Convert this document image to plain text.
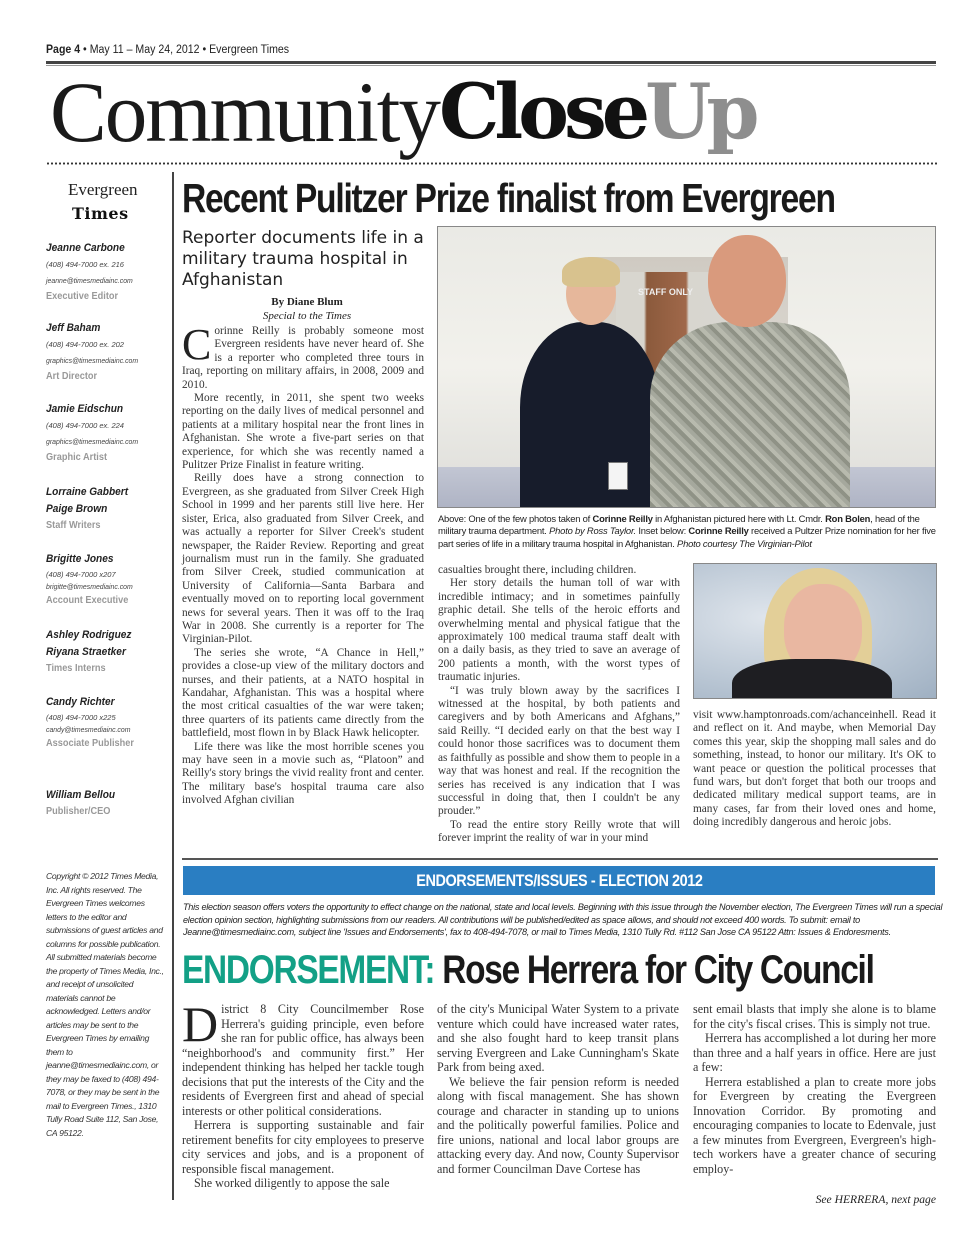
Page 4 • May 11 – May 24, 2012 • Evergreen Times
CommunityCloseUp
Evergreen
Times
Jeanne Carbone
(408) 494-7000 ex. 216
jeanne@timesmediainc.com
Executive Editor
Jeff Baham
(408) 494-7000 ex. 202
graphics@timesmediainc.com
Art Director
Jamie Eidschun
(408) 494-7000 ex. 224
graphics@timesmediainc.com
Graphic Artist
Lorraine Gabbert
Paige Brown
Staff Writers
Brigitte Jones
(408) 494-7000 x207
brigitte@timesmediainc.com
Account Executive
Ashley Rodriguez
Riyana Straetker
Times Interns
Candy Richter
(408) 494-7000 x225
candy@timesmediainc.com
Associate Publisher
William Bellou
Publisher/CEO
Copyright © 2012 Times Media, Inc. All rights reserved. The Evergreen Times welcomes letters to the editor and submissions of guest articles and columns for possible publication. All submitted materials become the property of Times Media, Inc., and receipt of unsolicited materials cannot be acknowledged. Letters and/or articles may be sent to the Evergreen Times by emailing them to jeanne@timesmediainc.com, or they may be faxed to (408) 494-7078, or they may be sent in the mail to Evergreen Times., 1310 Tully Road Suite 112, San Jose, CA 95122.
Recent Pulitzer Prize finalist from Evergreen
Reporter documents life in a military trauma hospital in Afghanistan
By Diane Blum
Special to the Times

Corinne Reilly is probably someone most Evergreen residents have never heard of. She is a reporter who completed three tours in Iraq, reporting on military affairs, in 2008, 2009 and 2010.

More recently, in 2011, she spent two weeks reporting on the daily lives of medical personnel and patients at a military hospital near the front lines in Afghanistan. She wrote a five-part series on that experience, for which she was recently named a Pulitzer Prize Finalist in feature writing.

Reilly does have a strong connection to Evergreen, as she graduated from Silver Creek High School in 1999 and her parents still live here. Her sister, Erica, also graduated from Silver Creek, and was actually a reporter for Silver Creek's student newspaper, the Raider Review. Reporting and great journalism must run in the family. She graduated from Silver Creek, studied communication at University of California—Santa Barbara and eventually moved on to reporting local government news for several years. Then it was off to the Iraq War in 2008. She currently is a reporter for The Virginian-Pilot.

The series she wrote, “A Chance in Hell,” provides a close-up view of the military doctors and nurses, and their patients, at a NATO hospital in Kandahar, Afghanistan. This was a hospital where the most critical casualties of the war were taken; three quarters of its patients came directly from the battlefield, most flown in by Black Hawk helicopter.

Life there was like the most horrible scenes you may have seen in a movie such as, “Platoon” and Reilly's story brings the vivid reality front and center. The military base's hospital trauma care also involved Afghan civilian

STAFF ONLY
Above: One of the few photos taken of Corinne Reilly in Afghanistan pictured here with Lt. Cmdr. Ron Bolen, head of the military trauma department. Photo by Ross Taylor. Inset below: Corinne Reilly received a Pultzer Prize nomination for her five part series of life in a military trauma hospital in Afghanistan. Photo courtesy The Virginian-Pilot

casualties brought there, including children.

Her story details the human toll of war with incredible intimacy; and in sometimes painfully graphic detail. She tells of the heroic efforts and overwhelming mental and physical fatigue that the approximately 100 medical trauma staff dealt with on a daily basis, as they tried to save an average of 200 patients a month, with the worst types of traumatic injuries.

“I was truly blown away by the sacrifices I witnessed at the hospital, by both patients and caregivers and by both Americans and Afghans,” said Reilly. “I decided early on that the best way I could honor those sacrifices was to document them as faithfully as possible and show them to people in a way that was honest and real. If the recognition the series has received is any indication that I was successful in doing that, then I couldn't be any prouder.”

To read the entire story Reilly wrote that will forever imprint the reality of war in your mind

visit www.hamptonroads.com/achanceinhell. Read it and reflect on it. And maybe, when Memorial Day comes this year, skip the shopping mall sales and do something, instead, to honor our military. It's OK to want peace or question the political processes that fund wars, but don't forget that both our troops and dedicated military medical support teams, are in many cases, far from their loved ones and home, doing incredibly dangerous and heroic jobs.

ENDORSEMENTS/ISSUES - ELECTION 2012
This election season offers voters the opportunity to effect change on the national, state and local levels. Beginning with this issue through the November election, The Evergreen Times will run a special election opinion section, highlighting submissions from our readers. All contributions will be published/edited as space allows, and should not exceed 400 words. To submit: email to Jeanne@timesmediainc.com, subject line 'Issues and Endorsements', fax to 408-494-7078, or mail to Times Media, 1310 Tully Rd. #112 San Jose CA 95122 Attn: Issues & Endoresments.
ENDORSEMENT: Rose Herrera for City Council

District 8 City Councilmember Rose Herrera's guiding principle, even before she ran for public office, has always been “neighborhood's and community first.” Her independent thinking has helped her tackle tough decisions that put the interests of the City and the residents of Evergreen first and ahead of special interests or other political considerations.

Herrera is supporting sustainable and fair retirement benefits for city employees to preserve city services and jobs, and is a proponent of responsible fiscal management.

She worked diligently to appose the sale

of the city's Municipal Water System to a private venture which could have increased water rates, and she also fought hard to keep transit plans serving Evergreen and Lake Cunningham's Skate Park from being axed.

We believe the fair pension reform is needed along with fiscal management. She has shown courage and character in standing up to unions and the politically powerful families. Police and fire unions, national and local labor groups are attacking every day. And now, County Supervisor and former Councilman Dave Cortese has

sent email blasts that imply she alone is to blame for the city's fiscal crises. This is simply not true.

Herrera has accomplished a lot during her more than three and a half years in office. Here are just a few:

Herrera established a plan to create more jobs for Evergreen by creating the Evergreen Innovation Corridor. By promoting and encouraging companies to locate to Edenvale, just a few minutes from Evergreen, Evergreen's high-tech workers have a greater chance of securing employ-

See HERRERA, next page
